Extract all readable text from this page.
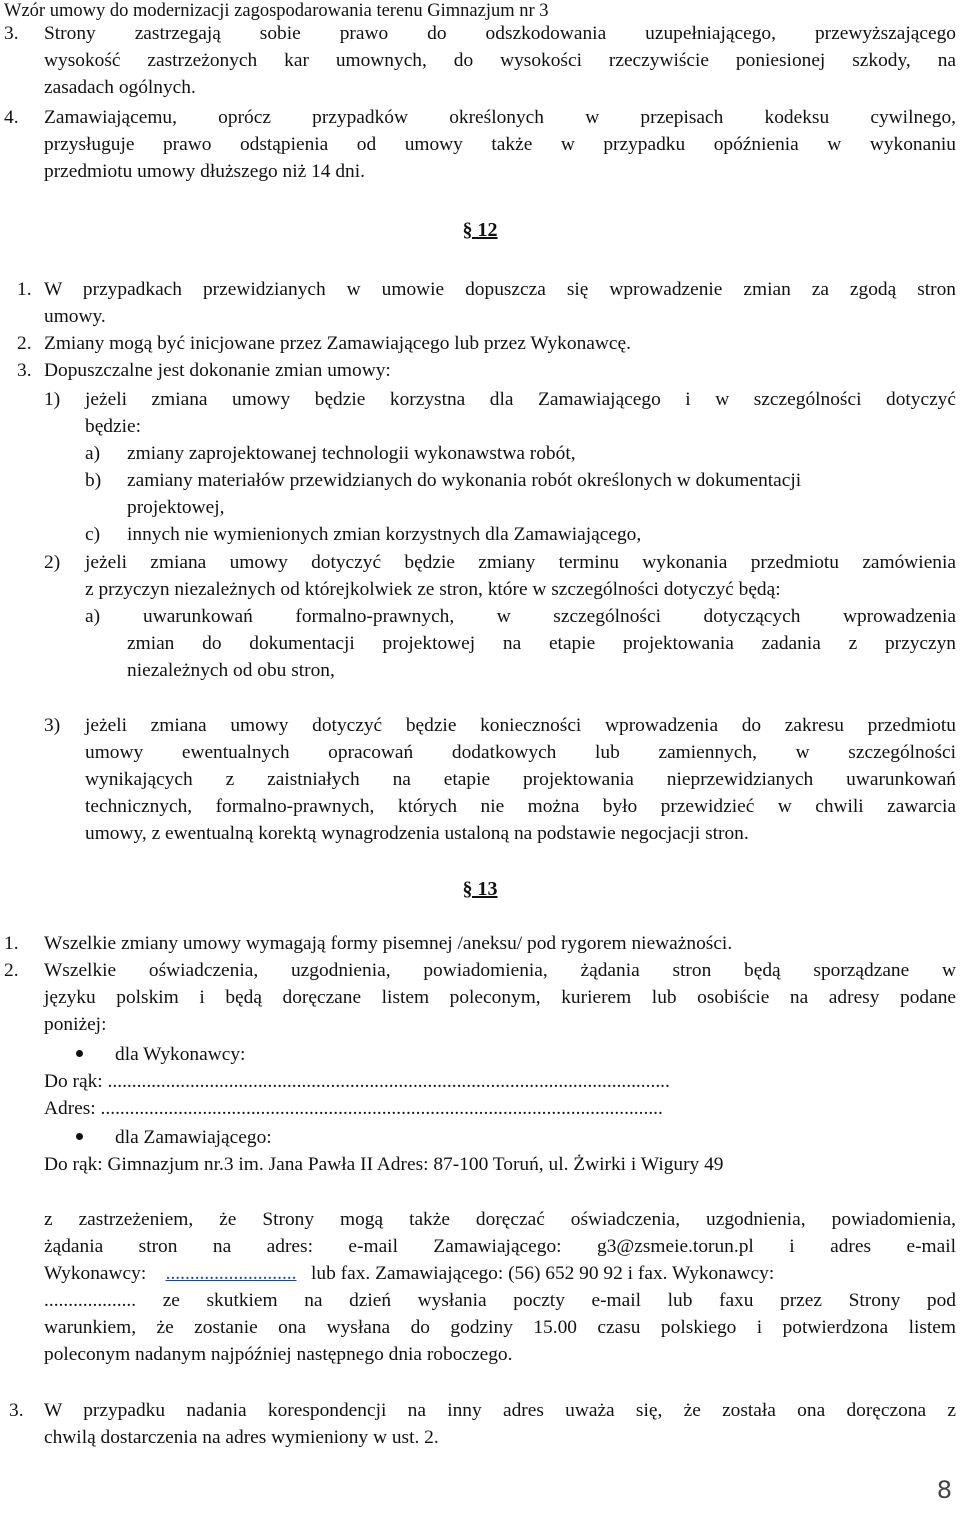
Wzór umowy do modernizacji zagospodarowania terenu Gimnazjum nr 3
3. Strony zastrzegają sobie prawo do odszkodowania uzupełniającego, przewyższającego
wysokość zastrzeżonych kar umownych, do wysokości rzeczywiście poniesionej szkody, na
zasadach ogólnych.
4. Zamawiającemu, oprócz przypadków określonych w przepisach kodeksu cywilnego,
przysługuje prawo odstąpienia od umowy także w przypadku opóźnienia w wykonaniu
przedmiotu umowy dłuższego niż 14 dni.
§ 12
1. W przypadkach przewidzianych w umowie dopuszcza się wprowadzenie zmian za zgodą stron
umowy.
2. Zmiany mogą być inicjowane przez Zamawiającego lub przez Wykonawcę.
3. Dopuszczalne jest dokonanie zmian umowy:
1) jeżeli zmiana umowy będzie korzystna dla Zamawiającego i w szczególności dotyczyć
będzie:
a) zmiany zaprojektowanej technologii wykonawstwa robót,
b) zamiany materiałów przewidzianych do wykonania robót określonych w dokumentacji
projektowej,
c) innych nie wymienionych zmian korzystnych dla Zamawiającego,
2) jeżeli zmiana umowy dotyczyć będzie zmiany terminu wykonania przedmiotu zamówienia
z przyczyn niezależnych od którejkolwiek ze stron, które w szczególności dotyczyć będą:
a) uwarunkowań formalno-prawnych, w szczególności dotyczących wprowadzenia
zmian do dokumentacji projektowej na etapie projektowania zadania z przyczyn
niezależnych od obu stron,
3) jeżeli zmiana umowy dotyczyć będzie konieczności wprowadzenia do zakresu przedmiotu
umowy ewentualnych opracowań dodatkowych lub zamiennych, w szczególności
wynikających z zaistniałych na etapie projektowania nieprzewidzianych uwarunkowań
technicznych, formalno-prawnych, których nie można było przewidzieć w chwili zawarcia
umowy, z ewentualną korektą wynagrodzenia ustaloną na podstawie negocjacji stron.
§ 13
1. Wszelkie zmiany umowy wymagają formy pisemnej /aneksu/ pod rygorem nieważności.
2. Wszelkie oświadczenia, uzgodnienia, powiadomienia, żądania stron będą sporządzane w
języku polskim i będą doręczane listem poleconym, kurierem lub osobiście na adresy podane
poniżej:
dla Wykonawcy:
Do rąk: ....................................................................................................................
Adres: ....................................................................................................................
dla Zamawiającego:
Do rąk: Gimnazjum nr.3 im. Jana Pawła II Adres: 87-100 Toruń, ul. Żwirki i Wigury 49
z zastrzeżeniem, że Strony mogą także doręczać oświadczenia, uzgodnienia, powiadomienia,
żądania stron na adres: e-mail Zamawiającego: g3@zsmeie.torun.pl i adres e-mail
Wykonawcy: ........................... lub fax. Zamawiającego: (56) 652 90 92 i fax. Wykonawcy:
................... ze skutkiem na dzień wysłania poczty e-mail lub faxu przez Strony pod
warunkiem, że zostanie ona wysłana do godziny 15.00 czasu polskiego i potwierdzona listem
poleconym nadanym najpóźniej następnego dnia roboczego.
3. W przypadku nadania korespondencji na inny adres uważa się, że została ona doręczona z
chwilą dostarczenia na adres wymieniony w ust. 2.
8
